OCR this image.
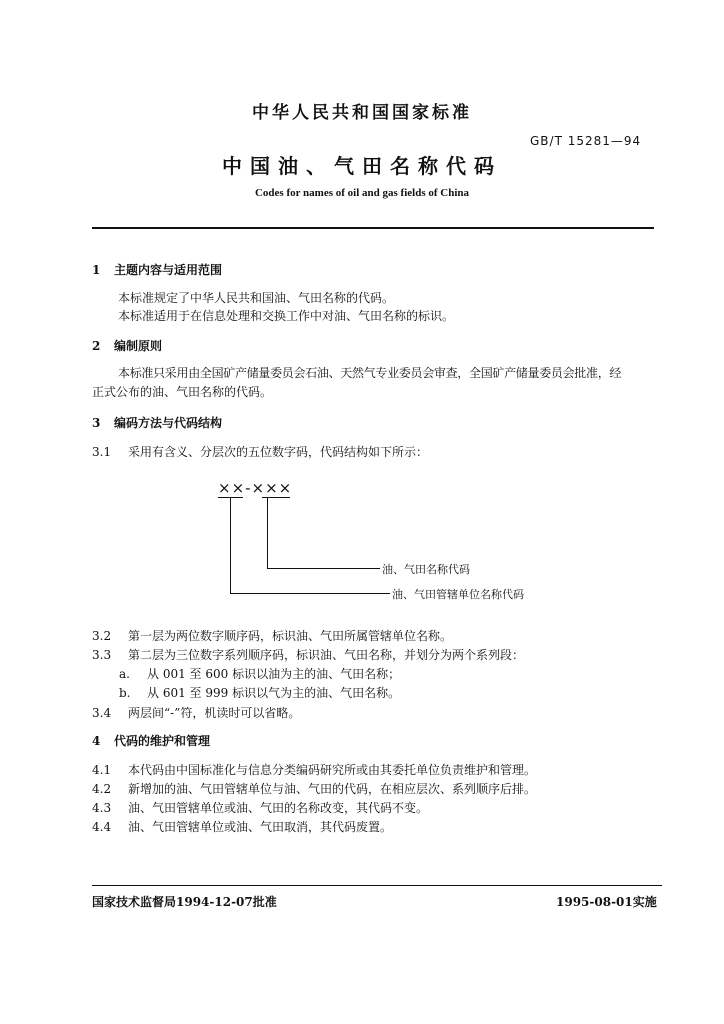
中华人民共和国国家标准
GB/T 15281—94
中国油、气田名称代码
Codes for names of oil and gas fields of China
1 主题内容与适用范围
本标准规定了中华人民共和国油、气田名称的代码。
本标准适用于在信息处理和交换工作中对油、气田名称的标识。
2 编制原则
本标准只采用由全国矿产储量委员会石油、天然气专业委员会审查，全国矿产储量委员会批准，经
正式公布的油、气田名称的代码。
3 编码方法与代码结构
3.1 采用有含义、分层次的五位数字码，代码结构如下所示：
××-×××
油、气田名称代码
油、气田管辖单位名称代码
3.2 第一层为两位数字顺序码，标识油、气田所属管辖单位名称。
3.3 第二层为三位数字系列顺序码，标识油、气田名称，并划分为两个系列段：
a. 从 001 至 600 标识以油为主的油、气田名称；
b. 从 601 至 999 标识以气为主的油、气田名称。
3.4 两层间“-”符，机读时可以省略。
4 代码的维护和管理
4.1 本代码由中国标准化与信息分类编码研究所或由其委托单位负责维护和管理。
4.2 新增加的油、气田管辖单位与油、气田的代码，在相应层次、系列顺序后排。
4.3 油、气田管辖单位或油、气田的名称改变，其代码不变。
4.4 油、气田管辖单位或油、气田取消，其代码废置。
国家技术监督局1994-12-07批准	1995-08-01实施
